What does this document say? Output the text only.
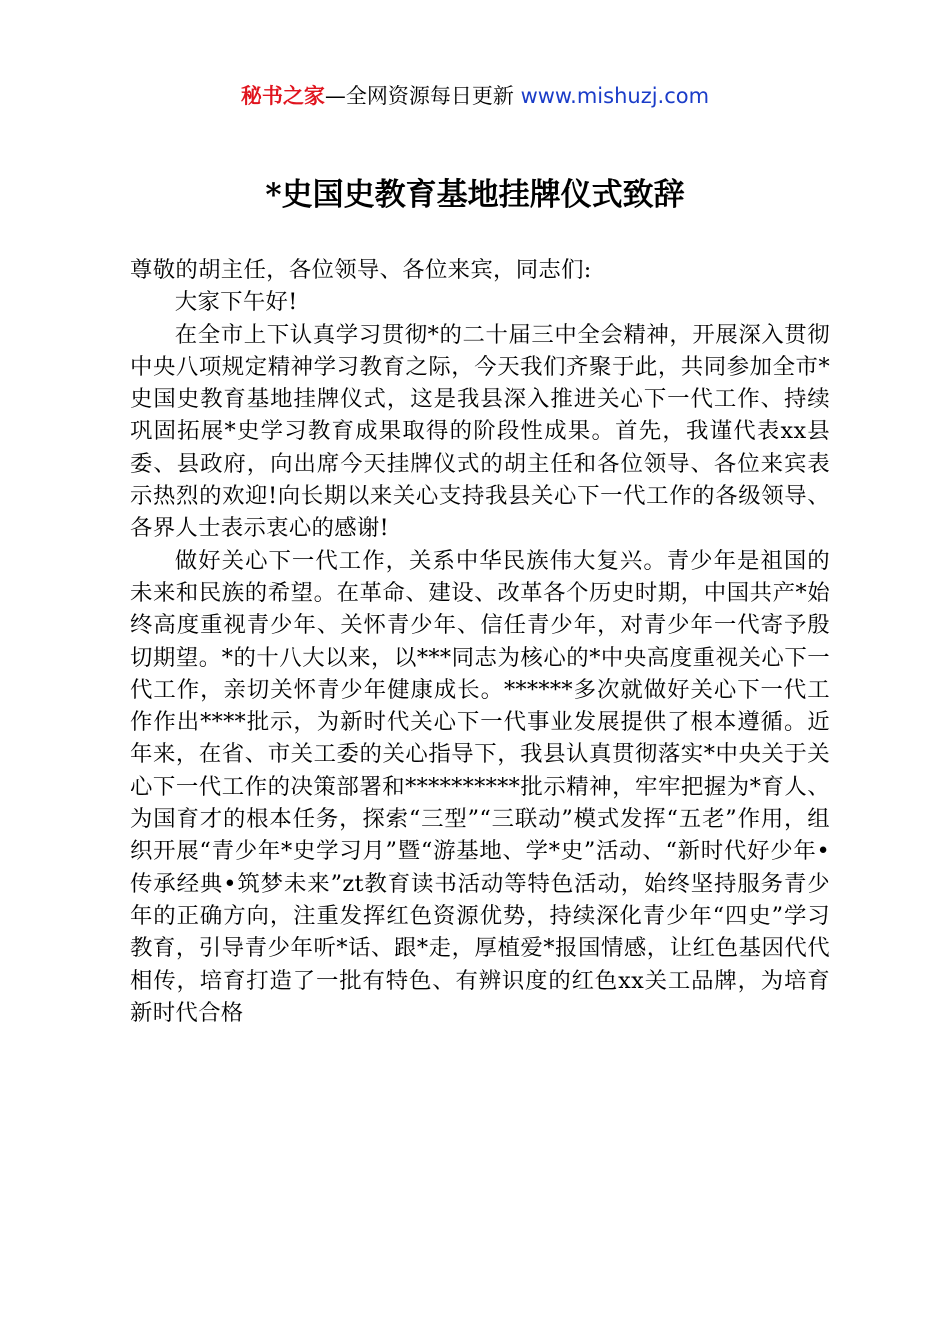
秘书之家—全网资源每日更新 www.mishuzj.com
*史国史教育基地挂牌仪式致辞

尊敬的胡主任，各位领导、各位来宾，同志们:

大家下午好!

在全市上下认真学习贯彻*的二十届三中全会精神，开展深入贯彻中央八项规定精神学习教育之际，今天我们齐聚于此，共同参加全市*史国史教育基地挂牌仪式，这是我县深入推进关心下一代工作、持续巩固拓展*史学习教育成果取得的阶段性成果。首先，我谨代表xx县委、县政府，向出席今天挂牌仪式的胡主任和各位领导、各位来宾表示热烈的欢迎!向长期以来关心支持我县关心下一代工作的各级领导、各界人士表示衷心的感谢!

做好关心下一代工作，关系中华民族伟大复兴。青少年是祖国的未来和民族的希望。在革命、建设、改革各个历史时期，中国共产*始终高度重视青少年、关怀青少年、信任青少年，对青少年一代寄予殷切期望。*的十八大以来，以***同志为核心的*中央高度重视关心下一代工作，亲切关怀青少年健康成长。******多次就做好关心下一代工作作出****批示，为新时代关心下一代事业发展提供了根本遵循。近年来，在省、市关工委的关心指导下，我县认真贯彻落实*中央关于关心下一代工作的决策部署和**********批示精神，牢牢把握为*育人、为国育才的根本任务，探索“三型”“三联动”模式发挥“五老”作用，组织开展“青少年*史学习月”暨“游基地、学*史”活动、“新时代好少年•传承经典•筑梦未来”zt教育读书活动等特色活动，始终坚持服务青少年的正确方向，注重发挥红色资源优势，持续深化青少年“四史”学习教育，引导青少年听*话、跟*走，厚植爱*报国情感，让红色基因代代相传，培育打造了一批有特色、有辨识度的红色xx关工品牌，为培育新时代合格
